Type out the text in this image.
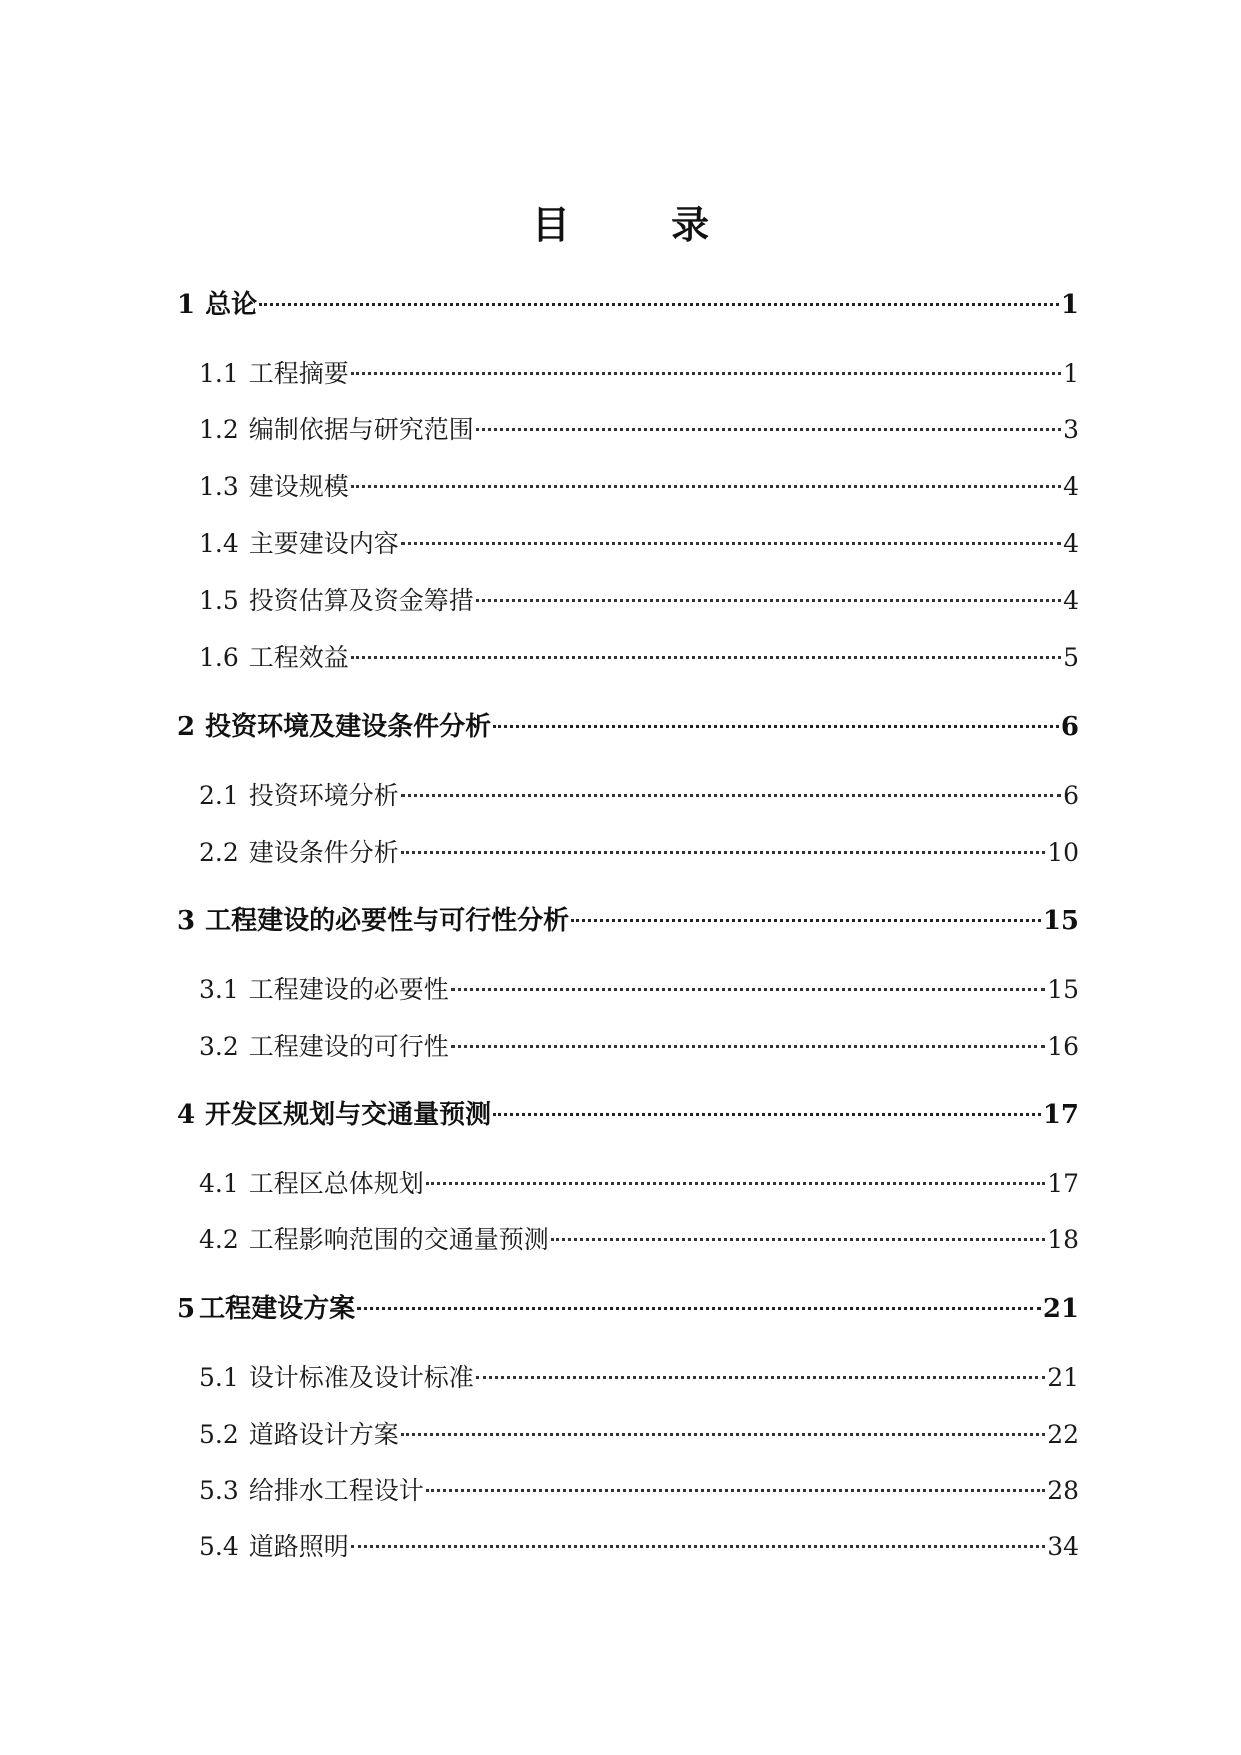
目 录
1 总论	1
1.1 工程摘要	1
1.2 编制依据与研究范围	3
1.3 建设规模	4
1.4 主要建设内容	4
1.5 投资估算及资金筹措	4
1.6 工程效益	5
2 投资环境及建设条件分析	6
2.1 投资环境分析	6
2.2 建设条件分析	10
3 工程建设的必要性与可行性分析	15
3.1 工程建设的必要性	15
3.2 工程建设的可行性	16
4 开发区规划与交通量预测	17
4.1 工程区总体规划	17
4.2 工程影响范围的交通量预测	18
5 工程建设方案	21
5.1 设计标准及设计标准	21
5.2 道路设计方案	22
5.3 给排水工程设计	28
5.4 道路照明	34
